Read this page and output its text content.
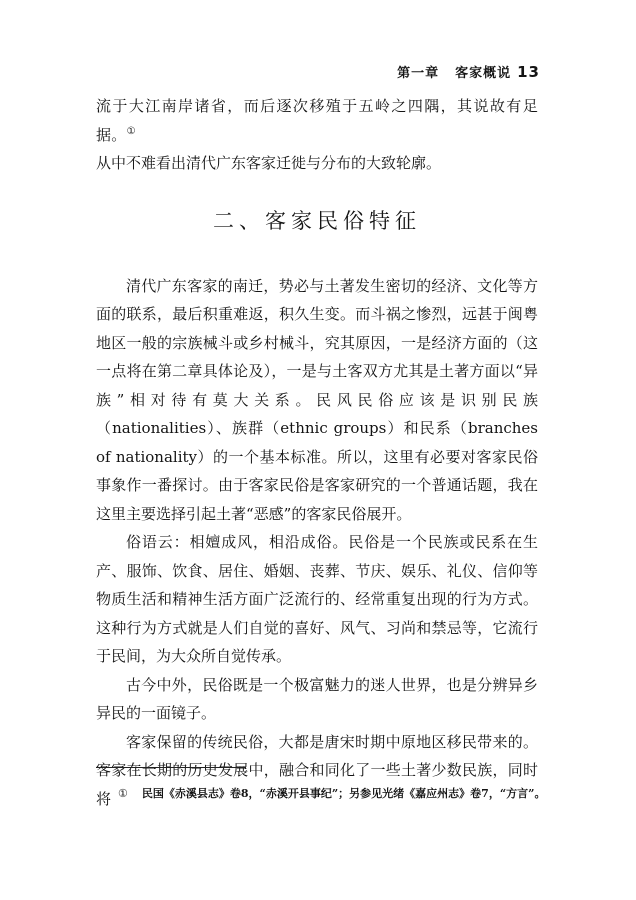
第一章 客家概说 13

流于大江南岸诸省，而后逐次移殖于五岭之四隅，其说故有足据。①

从中不难看出清代广东客家迁徙与分布的大致轮廓。

二、客家民俗特征

清代广东客家的南迁，势必与土著发生密切的经济、文化等方面的联系，最后积重难返，积久生变。而斗祸之惨烈，远甚于闽粤地区一般的宗族械斗或乡村械斗，究其原因，一是经济方面的（这一点将在第二章具体论及），一是与土客双方尤其是土著方面以“异族”相对待有莫大关系。民风民俗应该是识别民族（nationalities）、族群（ethnic groups）和民系（branches of nationality）的一个基本标准。所以，这里有必要对客家民俗事象作一番探讨。由于客家民俗是客家研究的一个普通话题，我在这里主要选择引起土著“恶感”的客家民俗展开。

俗语云：相嬗成风，相沿成俗。民俗是一个民族或民系在生产、服饰、饮食、居住、婚姻、丧葬、节庆、娱乐、礼仪、信仰等物质生活和精神生活方面广泛流行的、经常重复出现的行为方式。这种行为方式就是人们自觉的喜好、风气、习尚和禁忌等，它流行于民间，为大众所自觉传承。

古今中外，民俗既是一个极富魅力的迷人世界，也是分辨异乡异民的一面镜子。

客家保留的传统民俗，大都是唐宋时期中原地区移民带来的。客家在长期的历史发展中，融合和同化了一些土著少数民族，同时将 ① 民国《赤溪县志》卷8，“赤溪开县事纪”；另参见光绪《嘉应州志》卷7，“方言”。
